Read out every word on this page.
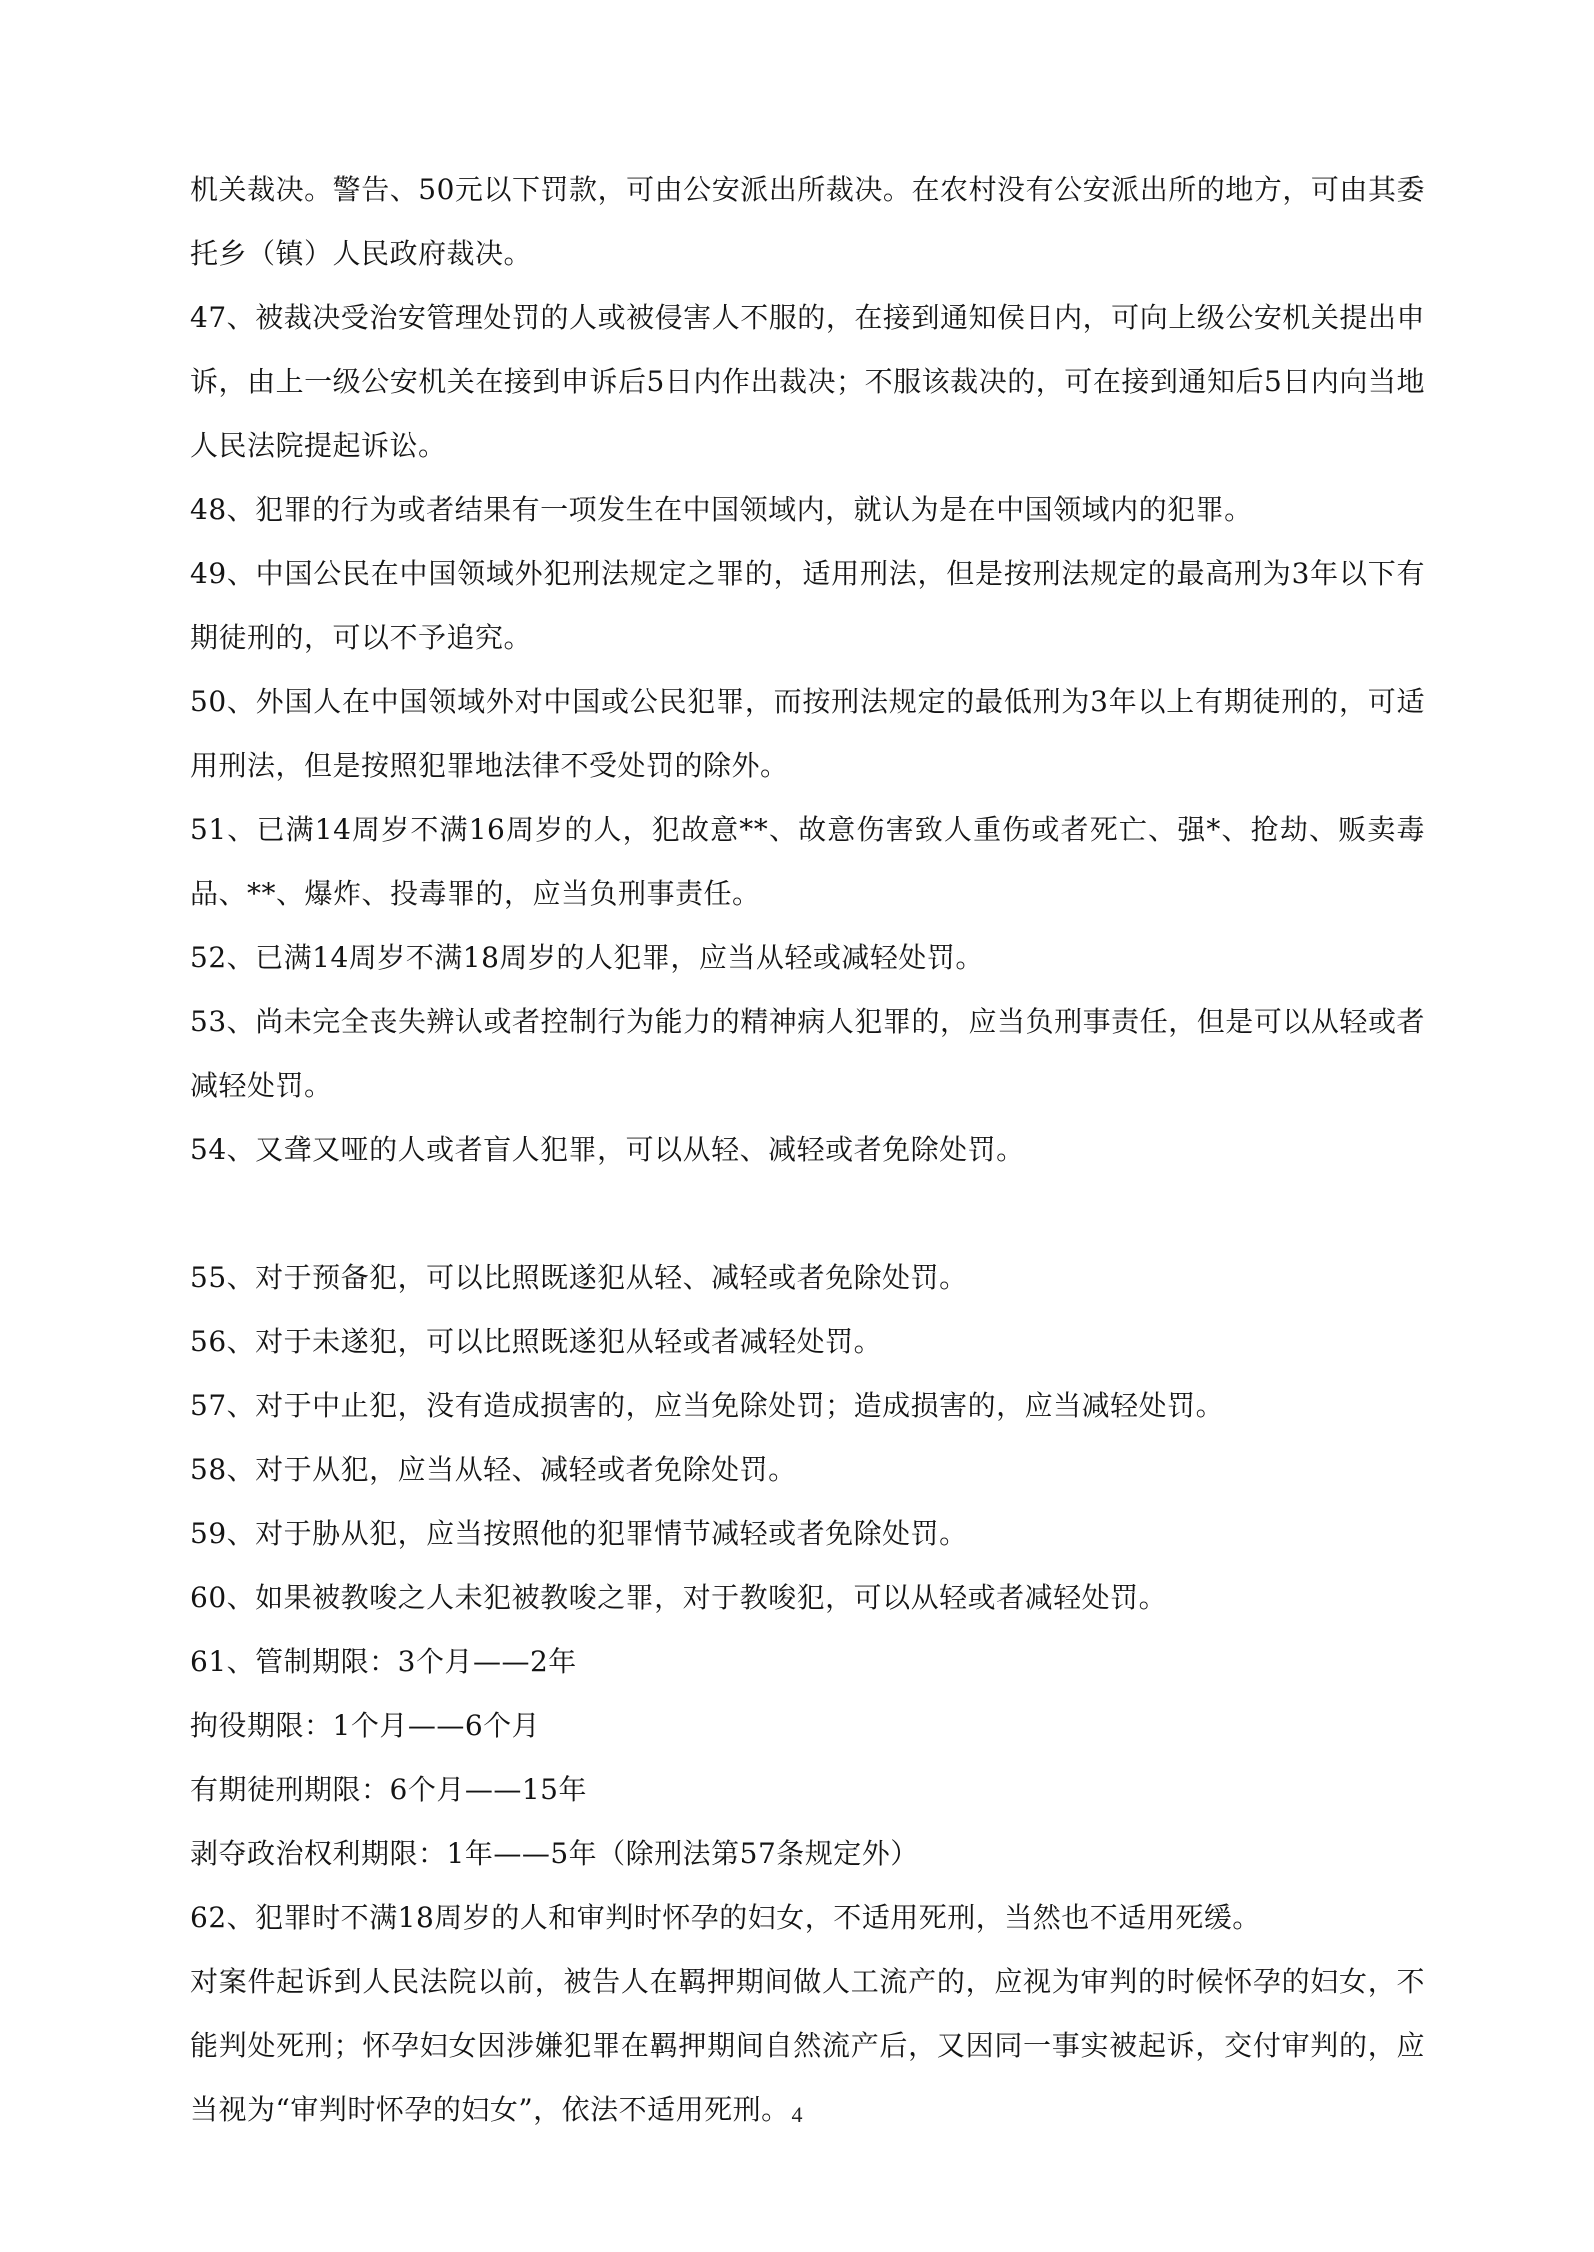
机关裁决。警告、50元以下罚款，可由公安派出所裁决。在农村没有公安派出所的地方，可由其委托乡（镇）人民政府裁决。

47、被裁决受治安管理处罚的人或被侵害人不服的，在接到通知侯日内，可向上级公安机关提出申诉，由上一级公安机关在接到申诉后5日内作出裁决；不服该裁决的，可在接到通知后5日内向当地人民法院提起诉讼。

48、犯罪的行为或者结果有一项发生在中国领域内，就认为是在中国领域内的犯罪。

49、中国公民在中国领域外犯刑法规定之罪的，适用刑法，但是按刑法规定的最高刑为3年以下有期徒刑的，可以不予追究。

50、外国人在中国领域外对中国或公民犯罪，而按刑法规定的最低刑为3年以上有期徒刑的，可适用刑法，但是按照犯罪地法律不受处罚的除外。

51、已满14周岁不满16周岁的人，犯故意**、故意伤害致人重伤或者死亡、强*、抢劫、贩卖毒品、**、爆炸、投毒罪的，应当负刑事责任。

52、已满14周岁不满18周岁的人犯罪，应当从轻或减轻处罚。

53、尚未完全丧失辨认或者控制行为能力的精神病人犯罪的，应当负刑事责任，但是可以从轻或者减轻处罚。

54、又聋又哑的人或者盲人犯罪，可以从轻、减轻或者免除处罚。

55、对于预备犯，可以比照既遂犯从轻、减轻或者免除处罚。

56、对于未遂犯，可以比照既遂犯从轻或者减轻处罚。

57、对于中止犯，没有造成损害的，应当免除处罚；造成损害的，应当减轻处罚。

58、对于从犯，应当从轻、减轻或者免除处罚。

59、对于胁从犯，应当按照他的犯罪情节减轻或者免除处罚。

60、如果被教唆之人未犯被教唆之罪，对于教唆犯，可以从轻或者减轻处罚。

61、管制期限：3个月——2年

拘役期限：1个月——6个月

有期徒刑期限：6个月——15年

剥夺政治权利期限：1年——5年（除刑法第57条规定外）

62、犯罪时不满18周岁的人和审判时怀孕的妇女，不适用死刑，当然也不适用死缓。

对案件起诉到人民法院以前，被告人在羁押期间做人工流产的，应视为审判的时候怀孕的妇女，不能判处死刑；怀孕妇女因涉嫌犯罪在羁押期间自然流产后，又因同一事实被起诉，交付审判的，应当视为“审判时怀孕的妇女”，依法不适用死刑。 4
